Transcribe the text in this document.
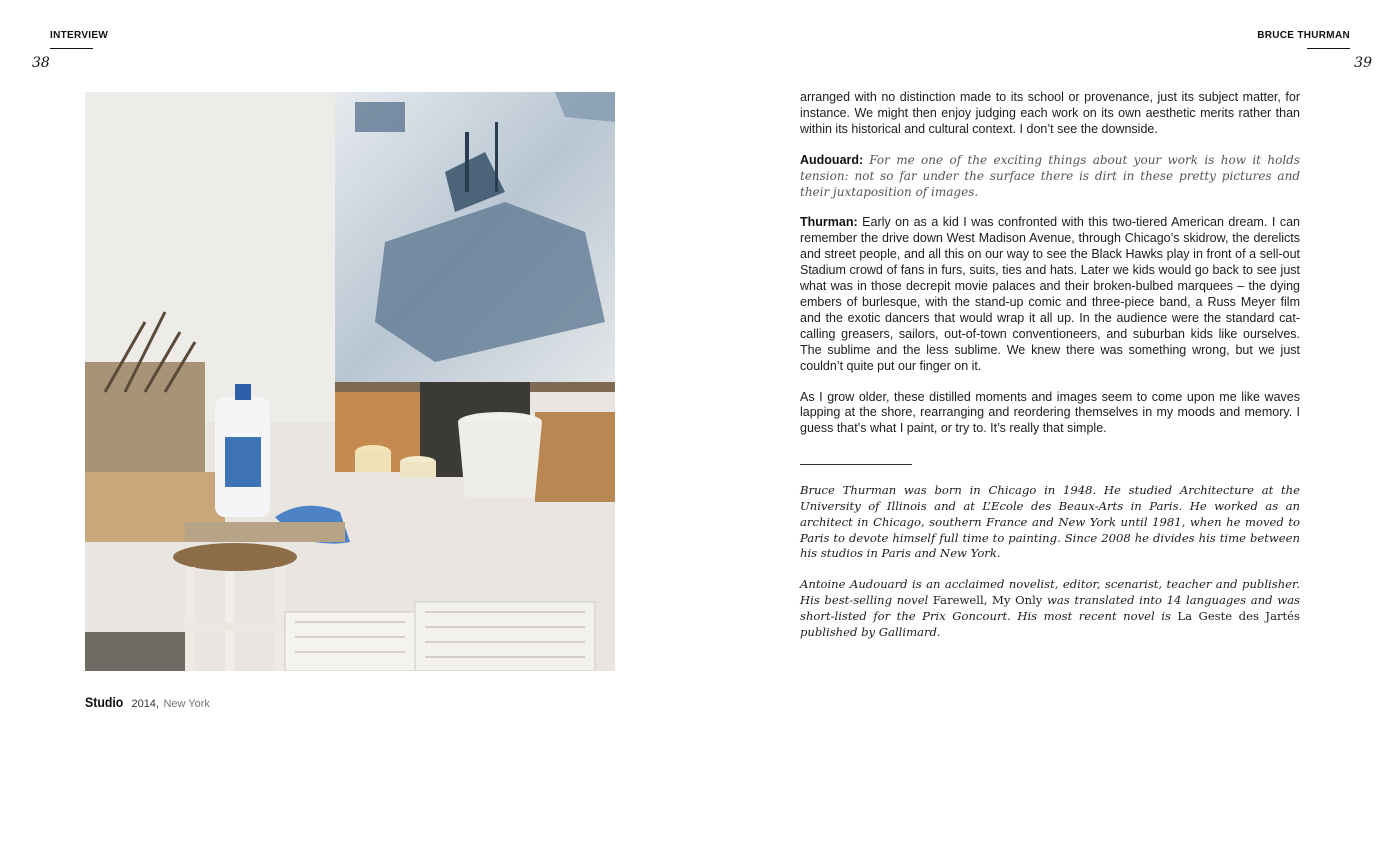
INTERVIEW
38
BRUCE THURMAN
39
Studio 2014, New York

arranged with no distinction made to its school or provenance, just its subject matter, for instance. We might then enjoy judging each work on its own aesthetic merits rather than within its historical and cultural context. I don’t see the downside.

Audouard: For me one of the exciting things about your work is how it holds tension: not so far under the surface there is dirt in these pretty pictures and their juxtaposition of images.

Thurman: Early on as a kid I was confronted with this two-tiered American dream. I can remember the drive down West Madison Avenue, through Chicago’s skidrow, the derelicts and street people, and all this on our way to see the Black Hawks play in front of a sell-out Stadium crowd of fans in furs, suits, ties and hats. Later we kids would go back to see just what was in those decrepit movie palaces and their broken-bulbed marquees – the dying embers of burlesque, with the stand-up comic and three-piece band, a Russ Meyer film and the exotic dancers that would wrap it all up. In the audience were the standard cat-calling greasers, sailors, out-of-town conventioneers, and suburban kids like ourselves. The sublime and the less sublime. We knew there was something wrong, but we just couldn’t quite put our finger on it.

As I grow older, these distilled moments and images seem to come upon me like waves lapping at the shore, rearranging and reordering themselves in my moods and memory. I guess that’s what I paint, or try to. It’s really that simple.

Bruce Thurman was born in Chicago in 1948. He studied Architecture at the University of Illinois and at L’Ecole des Beaux-Arts in Paris. He worked as an architect in Chicago, southern France and New York until 1981, when he moved to Paris to devote himself full time to painting. Since 2008 he divides his time between his studios in Paris and New York.

Antoine Audouard is an acclaimed novelist, editor, scenarist, teacher and publisher. His best-selling novel Farewell, My Only was translated into 14 languages and was short-listed for the Prix Goncourt. His most recent novel is La Geste des Jartés published by Gallimard.
